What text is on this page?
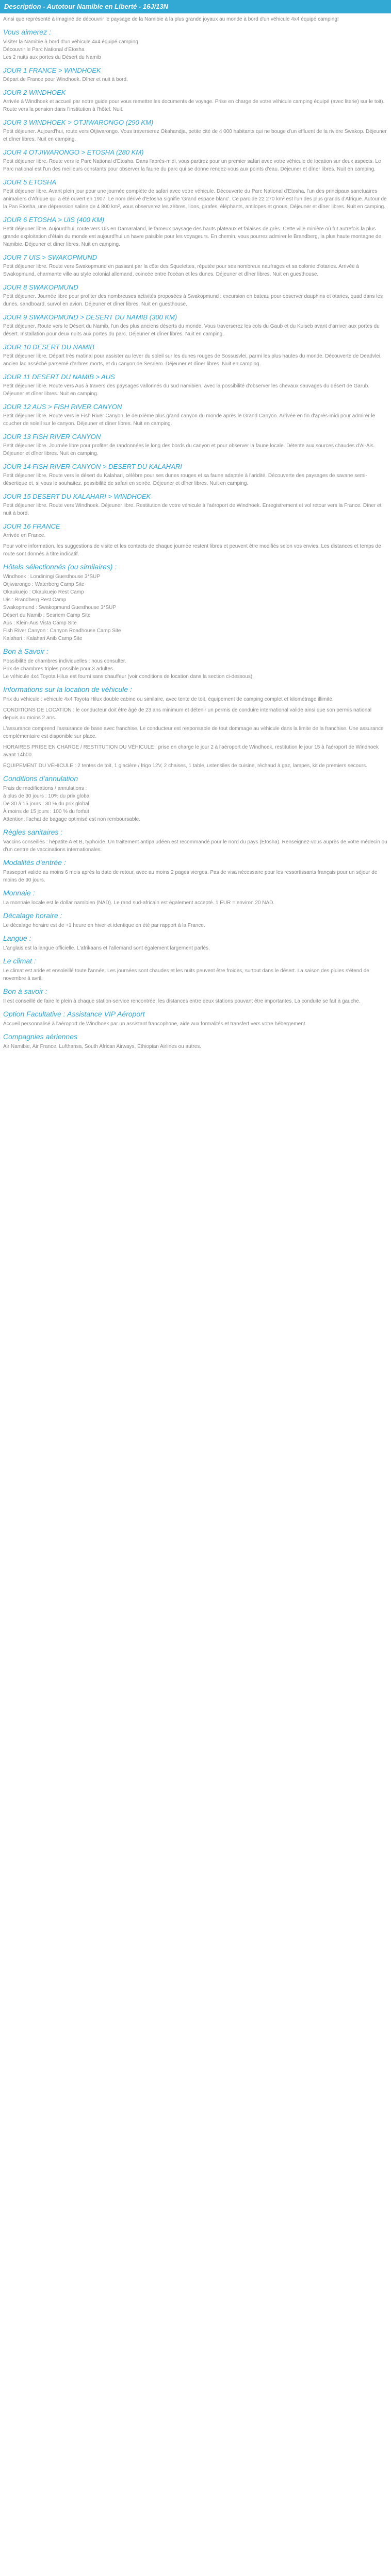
Description - Autotour Namibie en Liberté - 16J/13N

Ainsi que représenté à imaginé de découvrir le paysage de la Namibie à la plus grande joyaux au monde à bord d'un véhicule 4x4 équipé camping!

Vous aimerez :
Visiter la Namibie à bord d'un véhicule 4x4 équipé camping
Découvrir le Parc National d'Etosha
Les 2 nuits aux portes du Désert du Namib
JOUR 1 FRANCE > WINDHOEK

Départ de France pour Windhoek. Dîner et nuit à bord.

JOUR 2 WINDHOEK

Arrivée à Windhoek et accueil par notre guide pour vous remettre les documents de voyage. Prise en charge de votre véhicule camping équipé (avec literie) sur le toit). Route vers la pension dans l'institution à l'hôtel. Nuit.

JOUR 3 WINDHOEK > OTJIWARONGO (290 KM)

Petit déjeuner. Aujourd'hui, route vers Otjiwarongo. Vous traverserez Okahandja, petite cité de 4 000 habitants qui ne bouge d'un effluent de la rivière Swakop. Déjeuner et dîner libres. Nuit en camping.

JOUR 4 OTJIWARONGO > ETOSHA (280 KM)

Petit déjeuner libre. Route vers le Parc National d'Etosha. Dans l'après-midi, vous partirez pour un premier safari avec votre véhicule de location sur deux aspects. Le Parc national est l'un des meilleurs constants pour observer la faune du parc qui se donne rendez-vous aux points d'eau. Déjeuner et dîner libres. Nuit en camping.

JOUR 5 ETOSHA

Petit déjeuner libre. Avant plein jour pour une journée complète de safari avec votre véhicule. Découverte du Parc National d'Etosha, l'un des principaux sanctuaires animaliers d'Afrique qui a été ouvert en 1907. Le nom dérivé d'Etosha signifie 'Grand espace blanc'. Ce parc de 22 270 km² est l'un des plus grands d'Afrique. Autour de la Pan Etosha, une dépression saline de 4 800 km², vous observerez les zèbres, lions, girafes, éléphants, antilopes et gnous. Déjeuner et dîner libres. Nuit en camping.

JOUR 6 ETOSHA > UIS (400 KM)

Petit déjeuner libre. Aujourd'hui, route vers Uis en Damaraland, le fameux paysage des hauts plateaux et falaises de grès. Cette ville minière où fut autrefois la plus grande exploitation d'étain du monde est aujourd'hui un havre paisible pour les voyageurs. En chemin, vous pourrez admirer le Brandberg, la plus haute montagne de Namibie. Déjeuner et dîner libres. Nuit en camping.

JOUR 7 UIS > SWAKOPMUND

Petit déjeuner libre. Route vers Swakopmund en passant par la côte des Squelettes, réputée pour ses nombreux naufrages et sa colonie d'otaries. Arrivée à Swakopmund, charmante ville au style colonial allemand, coincée entre l'océan et les dunes. Déjeuner et dîner libres. Nuit en guesthouse.

JOUR 8 SWAKOPMUND

Petit déjeuner. Journée libre pour profiter des nombreuses activités proposées à Swakopmund : excursion en bateau pour observer dauphins et otaries, quad dans les dunes, sandboard, survol en avion. Déjeuner et dîner libres. Nuit en guesthouse.

JOUR 9 SWAKOPMUND > DESERT DU NAMIB (300 KM)

Petit déjeuner. Route vers le Désert du Namib, l'un des plus anciens déserts du monde. Vous traverserez les cols du Gaub et du Kuiseb avant d'arriver aux portes du désert. Installation pour deux nuits aux portes du parc. Déjeuner et dîner libres. Nuit en camping.

JOUR 10 DESERT DU NAMIB

Petit déjeuner libre. Départ très matinal pour assister au lever du soleil sur les dunes rouges de Sossusvlei, parmi les plus hautes du monde. Découverte de Deadvlei, ancien lac asséché parsemé d'arbres morts, et du canyon de Sesriem. Déjeuner et dîner libres. Nuit en camping.

JOUR 11 DESERT DU NAMIB > AUS

Petit déjeuner libre. Route vers Aus à travers des paysages vallonnés du sud namibien, avec la possibilité d'observer les chevaux sauvages du désert de Garub. Déjeuner et dîner libres. Nuit en camping.

JOUR 12 AUS > FISH RIVER CANYON

Petit déjeuner libre. Route vers le Fish River Canyon, le deuxième plus grand canyon du monde après le Grand Canyon. Arrivée en fin d'après-midi pour admirer le coucher de soleil sur le canyon. Déjeuner et dîner libres. Nuit en camping.

JOUR 13 FISH RIVER CANYON

Petit déjeuner libre. Journée libre pour profiter de randonnées le long des bords du canyon et pour observer la faune locale. Détente aux sources chaudes d'Ai-Ais. Déjeuner et dîner libres. Nuit en camping.

JOUR 14 FISH RIVER CANYON > DESERT DU KALAHARI

Petit déjeuner libre. Route vers le désert du Kalahari, célèbre pour ses dunes rouges et sa faune adaptée à l'aridité. Découverte des paysages de savane semi-désertique et, si vous le souhaitez, possibilité de safari en soirée. Déjeuner et dîner libres. Nuit en camping.

JOUR 15 DESERT DU KALAHARI > WINDHOEK

Petit déjeuner libre. Route vers Windhoek. Déjeuner libre. Restitution de votre véhicule à l'aéroport de Windhoek. Enregistrement et vol retour vers la France. Dîner et nuit à bord.

JOUR 16 FRANCE

Arrivée en France.

Pour votre information, les suggestions de visite et les contacts de chaque journée restent libres et peuvent être modifiés selon vos envies. Les distances et temps de route sont donnés à titre indicatif.

Hôtels sélectionnés (ou similaires) :
Windhoek : Londiningi Guesthouse 3*SUP
Otjiwarongo : Waterberg Camp Site
Okaukuejo : Okaukuejo Rest Camp
Uis : Brandberg Rest Camp
Swakopmund : Swakopmund Guesthouse 3*SUP
Désert du Namib : Sesriem Camp Site
Aus : Klein-Aus Vista Camp Site
Fish River Canyon : Canyon Roadhouse Camp Site
Kalahari : Kalahari Anib Camp Site
Bon à Savoir :
Possibilité de chambres individuelles : nous consulter.
Prix de chambres triples possible pour 3 adultes.
Le véhicule 4x4 Toyota Hilux est fourni sans chauffeur (voir conditions de location dans la section ci-dessous).
Informations sur la location de véhicule :

Prix du véhicule : véhicule 4x4 Toyota Hilux double cabine ou similaire, avec tente de toit, équipement de camping complet et kilométrage illimité.

CONDITIONS DE LOCATION : le conducteur doit être âgé de 23 ans minimum et détenir un permis de conduire international valide ainsi que son permis national depuis au moins 2 ans.

L'assurance comprend l'assurance de base avec franchise. Le conducteur est responsable de tout dommage au véhicule dans la limite de la franchise. Une assurance complémentaire est disponible sur place.

HORAIRES PRISE EN CHARGE / RESTITUTION DU VÉHICULE : prise en charge le jour 2 à l'aéroport de Windhoek, restitution le jour 15 à l'aéroport de Windhoek avant 14h00.

ÉQUIPEMENT DU VÉHICULE : 2 tentes de toit, 1 glacière / frigo 12V, 2 chaises, 1 table, ustensiles de cuisine, réchaud à gaz, lampes, kit de premiers secours.

Conditions d'annulation
Frais de modifications / annulations :
à plus de 30 jours : 10% du prix global
De 30 à 15 jours : 30 % du prix global
À moins de 15 jours : 100 % du forfait
Attention, l'achat de bagage optimisé est non remboursable.
Règles sanitaires :

Vaccins conseillés : hépatite A et B, typhoïde. Un traitement antipaludéen est recommandé pour le nord du pays (Etosha). Renseignez-vous auprès de votre médecin ou d'un centre de vaccinations internationales.

Modalités d'entrée :

Passeport valide au moins 6 mois après la date de retour, avec au moins 2 pages vierges. Pas de visa nécessaire pour les ressortissants français pour un séjour de moins de 90 jours.

Monnaie :

La monnaie locale est le dollar namibien (NAD). Le rand sud-africain est également accepté. 1 EUR = environ 20 NAD.

Décalage horaire :

Le décalage horaire est de +1 heure en hiver et identique en été par rapport à la France.

Langue :

L'anglais est la langue officielle. L'afrikaans et l'allemand sont également largement parlés.

Le climat :

Le climat est aride et ensoleillé toute l'année. Les journées sont chaudes et les nuits peuvent être froides, surtout dans le désert. La saison des pluies s'étend de novembre à avril.

Bon à savoir :

Il est conseillé de faire le plein à chaque station-service rencontrée, les distances entre deux stations pouvant être importantes. La conduite se fait à gauche.

Option Facultative : Assistance VIP Aéroport

Accueil personnalisé à l'aéroport de Windhoek par un assistant francophone, aide aux formalités et transfert vers votre hébergement.

Compagnies aériennes

Air Namibie, Air France, Lufthansa, South African Airways, Ethiopian Airlines ou autres.
